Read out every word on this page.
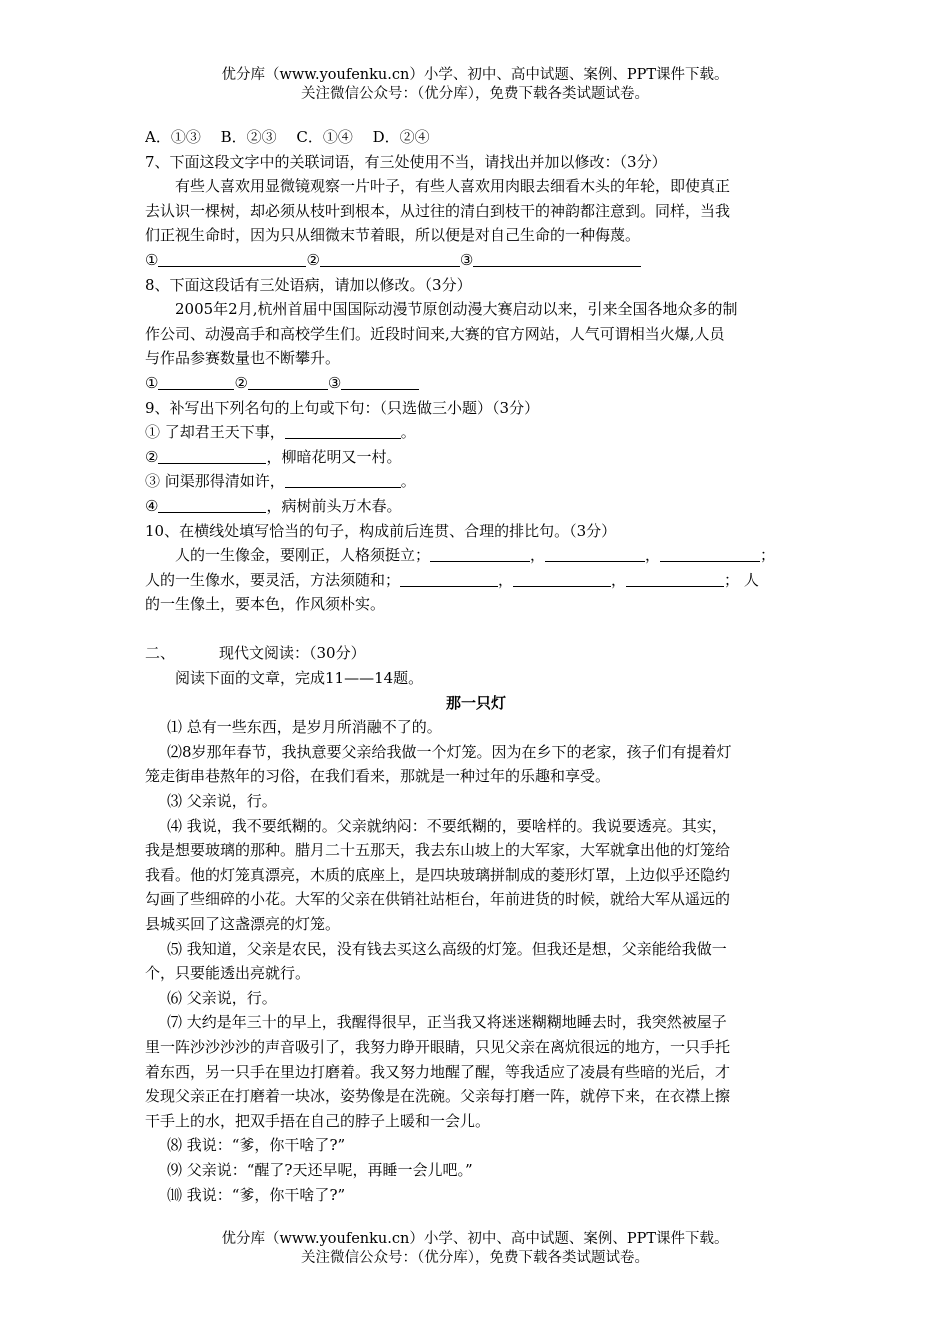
优分库（www.youfenku.cn）小学、初中、高中试题、案例、PPT课件下载。
关注微信公众号：（优分库），免费下载各类试题试卷。
A．①③　 B．②③　 C．①④　 D．②④
7、下面这段文字中的关联词语，有三处使用不当，请找出并加以修改：（3分）
有些人喜欢用显微镜观察一片叶子，有些人喜欢用肉眼去细看木头的年轮，即使真正
去认识一棵树，却必须从枝叶到根本，从过往的清白到枝干的神韵都注意到。同样，当我
们正视生命时，因为只从细微末节着眼，所以便是对自己生命的一种侮蔑。
①	②	③
8、下面这段话有三处语病，请加以修改。（3分）
2005年2月,杭州首届中国国际动漫节原创动漫大赛启动以来，引来全国各地众多的制
作公司、动漫高手和高校学生们。近段时间来,大赛的官方网站，人气可谓相当火爆,人员
与作品参赛数量也不断攀升。
①	②	③
9、补写出下列名句的上句或下句：（只选做三小题）（3分）
① 了却君王天下事，	。
②	，柳暗花明又一村。
③ 问渠那得清如许，	。
④	，病树前头万木春。
10、在横线处填写恰当的句子，构成前后连贯、合理的排比句。（3分）
人的一生像金，要刚正，人格须挺立；	，	，	；
人的一生像水，要灵活，方法须随和；	，	，	； 人
的一生像土，要本色，作风须朴实。
二、	现代文阅读：（30分）
阅读下面的文章，完成11——14题。
那一只灯
⑴ 总有一些东西，是岁月所消融不了的。
⑵8岁那年春节，我执意要父亲给我做一个灯笼。因为在乡下的老家，孩子们有提着灯
笼走街串巷熬年的习俗，在我们看来，那就是一种过年的乐趣和享受。
⑶ 父亲说，行。
⑷ 我说，我不要纸糊的。父亲就纳闷：不要纸糊的，要啥样的。我说要透亮。其实，
我是想要玻璃的那种。腊月二十五那天，我去东山坡上的大军家，大军就拿出他的灯笼给
我看。他的灯笼真漂亮，木质的底座上，是四块玻璃拼制成的菱形灯罩，上边似乎还隐约
勾画了些细碎的小花。大军的父亲在供销社站柜台，年前进货的时候，就给大军从遥远的
县城买回了这盏漂亮的灯笼。
⑸ 我知道，父亲是农民，没有钱去买这么高级的灯笼。但我还是想，父亲能给我做一
个，只要能透出亮就行。
⑹ 父亲说，行。
⑺ 大约是年三十的早上，我醒得很早，正当我又将迷迷糊糊地睡去时，我突然被屋子
里一阵沙沙沙沙的声音吸引了，我努力睁开眼睛，只见父亲在离炕很远的地方，一只手托
着东西，另一只手在里边打磨着。我又努力地醒了醒，等我适应了凌晨有些暗的光后，才
发现父亲正在打磨着一块冰，姿势像是在洗碗。父亲每打磨一阵，就停下来，在衣襟上擦
干手上的水，把双手捂在自己的脖子上暖和一会儿。
⑻ 我说：“爹，你干啥了?”
⑼ 父亲说：“醒了?天还早呢，再睡一会儿吧。”
⑽ 我说：“爹，你干啥了?”
优分库（www.youfenku.cn）小学、初中、高中试题、案例、PPT课件下载。
关注微信公众号：（优分库），免费下载各类试题试卷。
